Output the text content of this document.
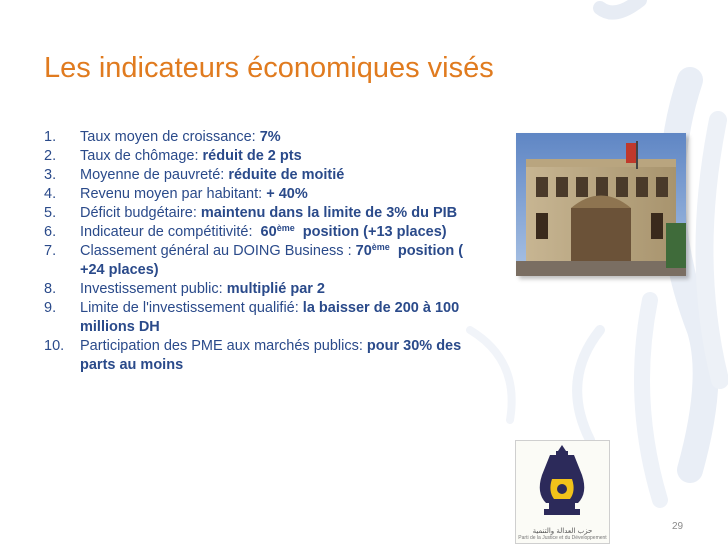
Les indicateurs économiques visés
1. Taux moyen de croissance: 7%
2. Taux de chômage: réduit de 2 pts
3. Moyenne de pauvreté: réduite de moitié
4. Revenu moyen par habitant: + 40%
5. Déficit budgétaire: maintenu dans la limite de 3% du PIB
6. Indicateur de compétitivité:  60ème  position (+13 places)
7. Classement général au DOING Business : 70ème  position ( +24 places)
8. Investissement public: multiplié par 2
9. Limite de l'investissement qualifié: la baisser de 200 à 100 millions DH
10. Participation des PME aux marchés publics: pour 30% des parts au moins
حزب العدالة والتنمية
Parti de la Justice et du Développement
29
